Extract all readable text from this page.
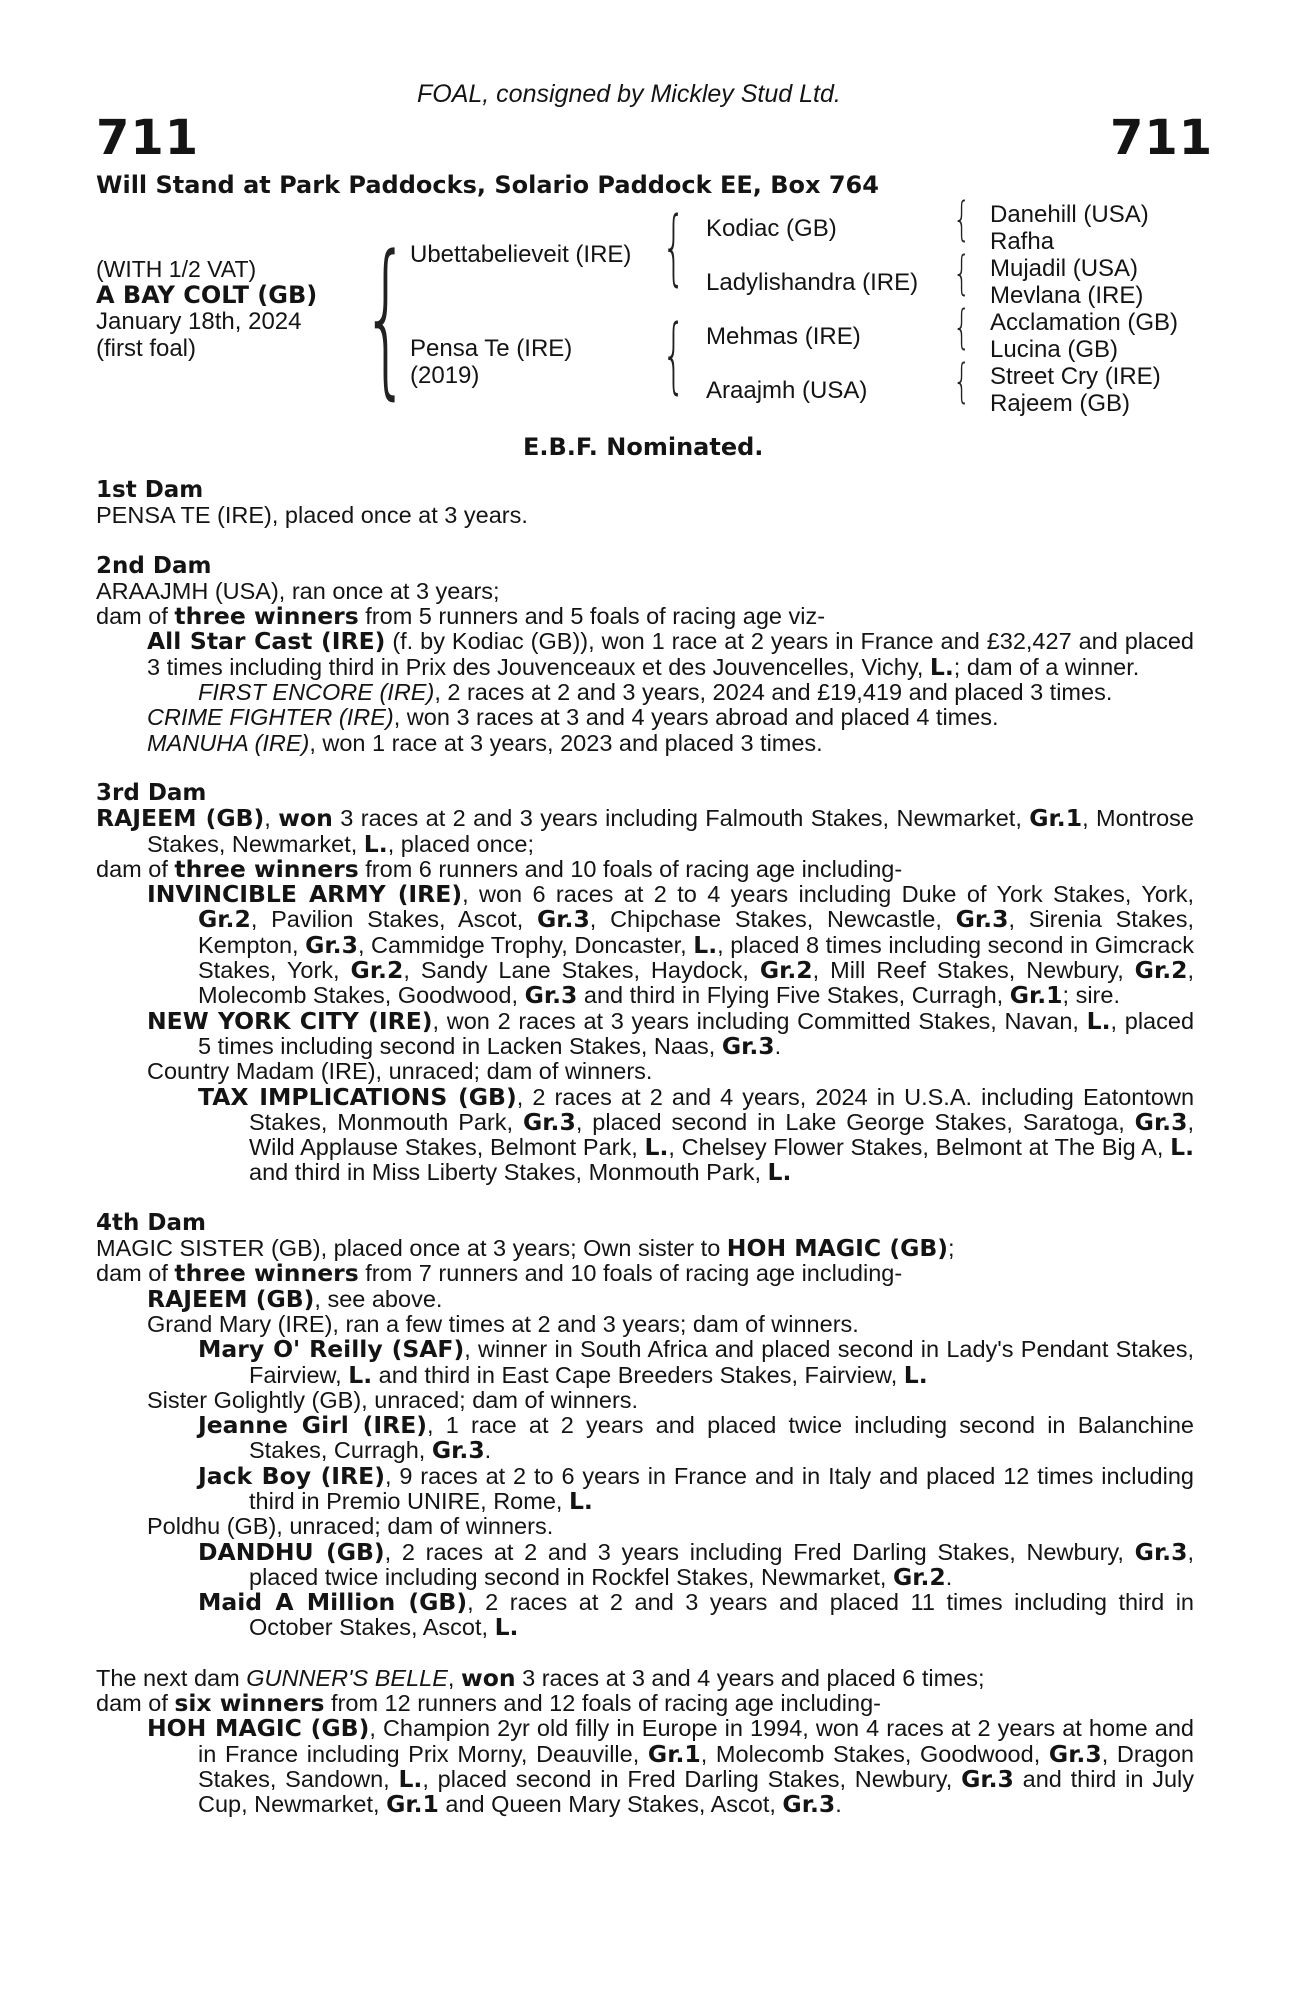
FOAL, consigned by Mickley Stud Ltd.
711	711
Will Stand at Park Paddocks, Solario Paddock EE, Box 764
(WITH 1/2 VAT)
A BAY COLT (GB)
January 18th, 2024
(first foal) {	{
{
{
{
{
{
Ubettabelieveit (IRE)
Pensa Te (IRE)
(2019)
Kodiac (GB)
Ladylishandra (IRE)
Mehmas (IRE)
Araajmh (USA)
Danehill (USA)
Rafha
Mujadil (USA)
Mevlana (IRE)
Acclamation (GB)
Lucina (GB)
Street Cry (IRE)
Rajeem (GB)
E.B.F. Nominated.
1st Dam

PENSA TE (IRE), placed once at 3 years.

2nd Dam

ARAAJMH (USA), ran once at 3 years;

dam of three winners from 5 runners and 5 foals of racing age viz-

All Star Cast (IRE) (f. by Kodiac (GB)), won 1 race at 2 years in France and £32,427 and placed 3 times including third in Prix des Jouvenceaux et des Jouvencelles, Vichy, L.; dam of a winner.

FIRST ENCORE (IRE), 2 races at 2 and 3 years, 2024 and £19,419 and placed 3 times.

CRIME FIGHTER (IRE), won 3 races at 3 and 4 years abroad and placed 4 times.

MANUHA (IRE), won 1 race at 3 years, 2023 and placed 3 times.

3rd Dam

RAJEEM (GB), won 3 races at 2 and 3 years including Falmouth Stakes, Newmarket, Gr.1, Montrose Stakes, Newmarket, L., placed once;

dam of three winners from 6 runners and 10 foals of racing age including-

INVINCIBLE ARMY (IRE), won 6 races at 2 to 4 years including Duke of York Stakes, York, Gr.2, Pavilion Stakes, Ascot, Gr.3, Chipchase Stakes, Newcastle, Gr.3, Sirenia Stakes, Kempton, Gr.3, Cammidge Trophy, Doncaster, L., placed 8 times including second in Gimcrack Stakes, York, Gr.2, Sandy Lane Stakes, Haydock, Gr.2, Mill Reef Stakes, Newbury, Gr.2, Molecomb Stakes, Goodwood, Gr.3 and third in Flying Five Stakes, Curragh, Gr.1; sire.

NEW YORK CITY (IRE), won 2 races at 3 years including Committed Stakes, Navan, L., placed 5 times including second in Lacken Stakes, Naas, Gr.3.

Country Madam (IRE), unraced; dam of winners.

TAX IMPLICATIONS (GB), 2 races at 2 and 4 years, 2024 in U.S.A. including Eatontown Stakes, Monmouth Park, Gr.3, placed second in Lake George Stakes, Saratoga, Gr.3, Wild Applause Stakes, Belmont Park, L., Chelsey Flower Stakes, Belmont at The Big A, L. and third in Miss Liberty Stakes, Monmouth Park, L.

4th Dam

MAGIC SISTER (GB), placed once at 3 years; Own sister to HOH MAGIC (GB);

dam of three winners from 7 runners and 10 foals of racing age including-

RAJEEM (GB), see above.

Grand Mary (IRE), ran a few times at 2 and 3 years; dam of winners.

Mary O' Reilly (SAF), winner in South Africa and placed second in Lady's Pendant Stakes, Fairview, L. and third in East Cape Breeders Stakes, Fairview, L.

Sister Golightly (GB), unraced; dam of winners.

Jeanne Girl (IRE), 1 race at 2 years and placed twice including second in Balanchine Stakes, Curragh, Gr.3.

Jack Boy (IRE), 9 races at 2 to 6 years in France and in Italy and placed 12 times including third in Premio UNIRE, Rome, L.

Poldhu (GB), unraced; dam of winners.

DANDHU (GB), 2 races at 2 and 3 years including Fred Darling Stakes, Newbury, Gr.3, placed twice including second in Rockfel Stakes, Newmarket, Gr.2.

Maid A Million (GB), 2 races at 2 and 3 years and placed 11 times including third in October Stakes, Ascot, L.

The next dam GUNNER'S BELLE, won 3 races at 3 and 4 years and placed 6 times;

dam of six winners from 12 runners and 12 foals of racing age including-

HOH MAGIC (GB), Champion 2yr old filly in Europe in 1994, won 4 races at 2 years at home and in France including Prix Morny, Deauville, Gr.1, Molecomb Stakes, Goodwood, Gr.3, Dragon Stakes, Sandown, L., placed second in Fred Darling Stakes, Newbury, Gr.3 and third in July Cup, Newmarket, Gr.1 and Queen Mary Stakes, Ascot, Gr.3.
